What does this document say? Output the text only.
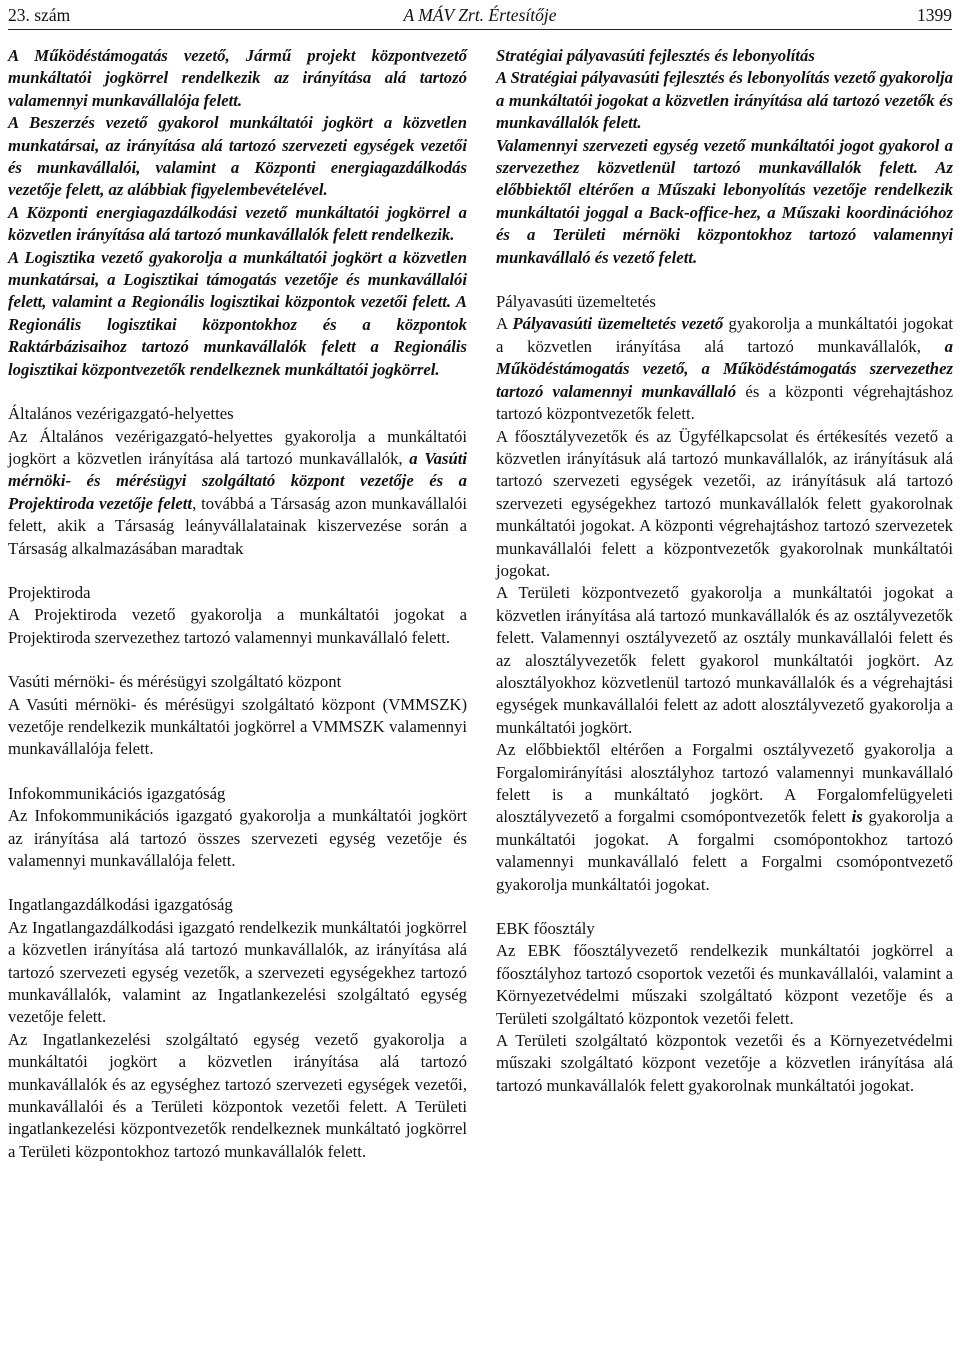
23. szám	A MÁV Zrt. Értesítője	1399

A Működéstámogatás vezető, Jármű projekt központvezető munkáltatói jogkörrel rendelkezik az irányítása alá tartozó valamennyi munkavállalója felett.

A Beszerzés vezető gyakorol munkáltatói jogkört a közvetlen munkatársai, az irányítása alá tartozó szervezeti egységek vezetői és munkavállalói, valamint a Központi energiagazdálkodás vezetője felett, az alábbiak figyelembevételével.

A Központi energiagazdálkodási vezető munkáltatói jogkörrel a közvetlen irányítása alá tartozó munkavállalók felett rendelkezik.

A Logisztika vezető gyakorolja a munkáltatói jogkört a közvetlen munkatársai, a Logisztikai támogatás vezetője és munkavállalói felett, valamint a Regionális logisztikai központok vezetői felett. A Regionális logisztikai központokhoz és a központok Raktárbázisaihoz tartozó munkavállalók felett a Regionális logisztikai központvezetők rendelkeznek munkáltatói jogkörrel.

Általános vezérigazgató-helyettes

Az Általános vezérigazgató-helyettes gyakorolja a munkáltatói jogkört a közvetlen irányítása alá tartozó munkavállalók, a Vasúti mérnöki- és mérésügyi szolgáltató központ vezetője és a Projektiroda vezetője felett, továbbá a Társaság azon munkavállalói felett, akik a Társaság leányvállalatainak kiszervezése során a Társaság alkalmazásában maradtak

Projektiroda

A Projektiroda vezető gyakorolja a munkáltatói jogokat a Projektiroda szervezethez tartozó valamennyi munkavállaló felett.

Vasúti mérnöki- és mérésügyi szolgáltató központ

A Vasúti mérnöki- és mérésügyi szolgáltató központ (VMMSZK) vezetője rendelkezik munkáltatói jogkörrel a VMMSZK valamennyi munkavállalója felett.

Infokommunikációs igazgatóság

Az Infokommunikációs igazgató gyakorolja a munkáltatói jogkört az irányítása alá tartozó összes szervezeti egység vezetője és valamennyi munkavállalója felett.

Ingatlangazdálkodási igazgatóság

Az Ingatlangazdálkodási igazgató rendelkezik munkáltatói jogkörrel a közvetlen irányítása alá tartozó munkavállalók, az irányítása alá tartozó szervezeti egység vezetők, a szervezeti egységekhez tartozó munkavállalók, valamint az Ingatlankezelési szolgáltató egység vezetője felett.

Az Ingatlankezelési szolgáltató egység vezető gyakorolja a munkáltatói jogkört a közvetlen irányítása alá tartozó munkavállalók és az egységhez tartozó szervezeti egységek vezetői, munkavállalói és a Területi központok vezetői felett. A Területi ingatlankezelési központvezetők rendelkeznek munkáltató jogkörrel a Területi központokhoz tartozó munkavállalók felett.

Stratégiai pályavasúti fejlesztés és lebonyolítás

A Stratégiai pályavasúti fejlesztés és lebonyolítás vezető gyakorolja a munkáltatói jogokat a közvetlen irányítása alá tartozó vezetők és munkavállalók felett.

Valamennyi szervezeti egység vezető munkáltatói jogot gyakorol a szervezethez közvetlenül tartozó munkavállalók felett. Az előbbiektől eltérően a Műszaki lebonyolítás vezetője rendelkezik munkáltatói joggal a Back-office-hez, a Műszaki koordinációhoz és a Területi mérnöki központokhoz tartozó valamennyi munkavállaló és vezető felett.

Pályavasúti üzemeltetés

A Pályavasúti üzemeltetés vezető gyakorolja a munkáltatói jogokat a közvetlen irányítása alá tartozó munkavállalók, a Működéstámogatás vezető, a Működéstámogatás szervezethez tartozó valamennyi munkavállaló és a központi végrehajtáshoz tartozó központvezetők felett.

A főosztályvezetők és az Ügyfélkapcsolat és értékesítés vezető a közvetlen irányításuk alá tartozó munkavállalók, az irányításuk alá tartozó szervezeti egységek vezetői, az irányításuk alá tartozó szervezeti egységekhez tartozó munkavállalók felett gyakorolnak munkáltatói jogokat. A központi végrehajtáshoz tartozó szervezetek munkavállalói felett a központvezetők gyakorolnak munkáltatói jogokat.

A Területi központvezető gyakorolja a munkáltatói jogokat a közvetlen irányítása alá tartozó munkavállalók és az osztályvezetők felett. Valamennyi osztályvezető az osztály munkavállalói felett és az alosztályvezetők felett gyakorol munkáltatói jogkört. Az alosztályokhoz közvetlenül tartozó munkavállalók és a végrehajtási egységek munkavállalói felett az adott alosztályvezető gyakorolja a munkáltatói jogkört.

Az előbbiektől eltérően a Forgalmi osztályvezető gyakorolja a Forgalomirányítási alosztályhoz tartozó valamennyi munkavállaló felett is a munkáltató jogkört. A Forgalomfelügyeleti alosztályvezető a forgalmi csomópontvezetők felett is gyakorolja a munkáltatói jogokat. A forgalmi csomópontokhoz tartozó valamennyi munkavállaló felett a Forgalmi csomópontvezető gyakorolja munkáltatói jogokat.

EBK főosztály

Az EBK főosztályvezető rendelkezik munkáltatói jogkörrel a főosztályhoz tartozó csoportok vezetői és munkavállalói, valamint a Környezetvédelmi műszaki szolgáltató központ vezetője és a Területi szolgáltató központok vezetői felett.

A Területi szolgáltató központok vezetői és a Környezetvédelmi műszaki szolgáltató központ vezetője a közvetlen irányítása alá tartozó munkavállalók felett gyakorolnak munkáltatói jogokat.
